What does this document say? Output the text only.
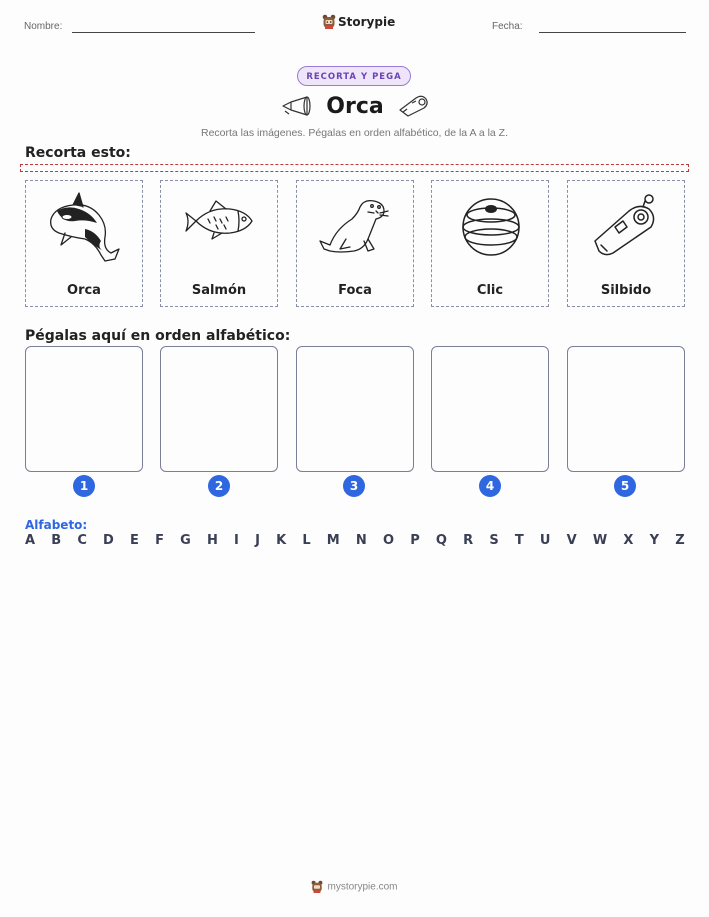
Nombre:	Storypie	Fecha:
RECORTA Y PEGA
Orca
Recorta las imágenes. Pégalas en orden alfabético, de la A a la Z.
Recorta esto:
Orca	Salmón	Foca	Clic	Silbido
Pégalas aquí en orden alfabético:
1	2	3	4	5
Alfabeto:
A B C D E F G H I J K L M N O P Q R S T U V W X Y Z
mystorypie.com
